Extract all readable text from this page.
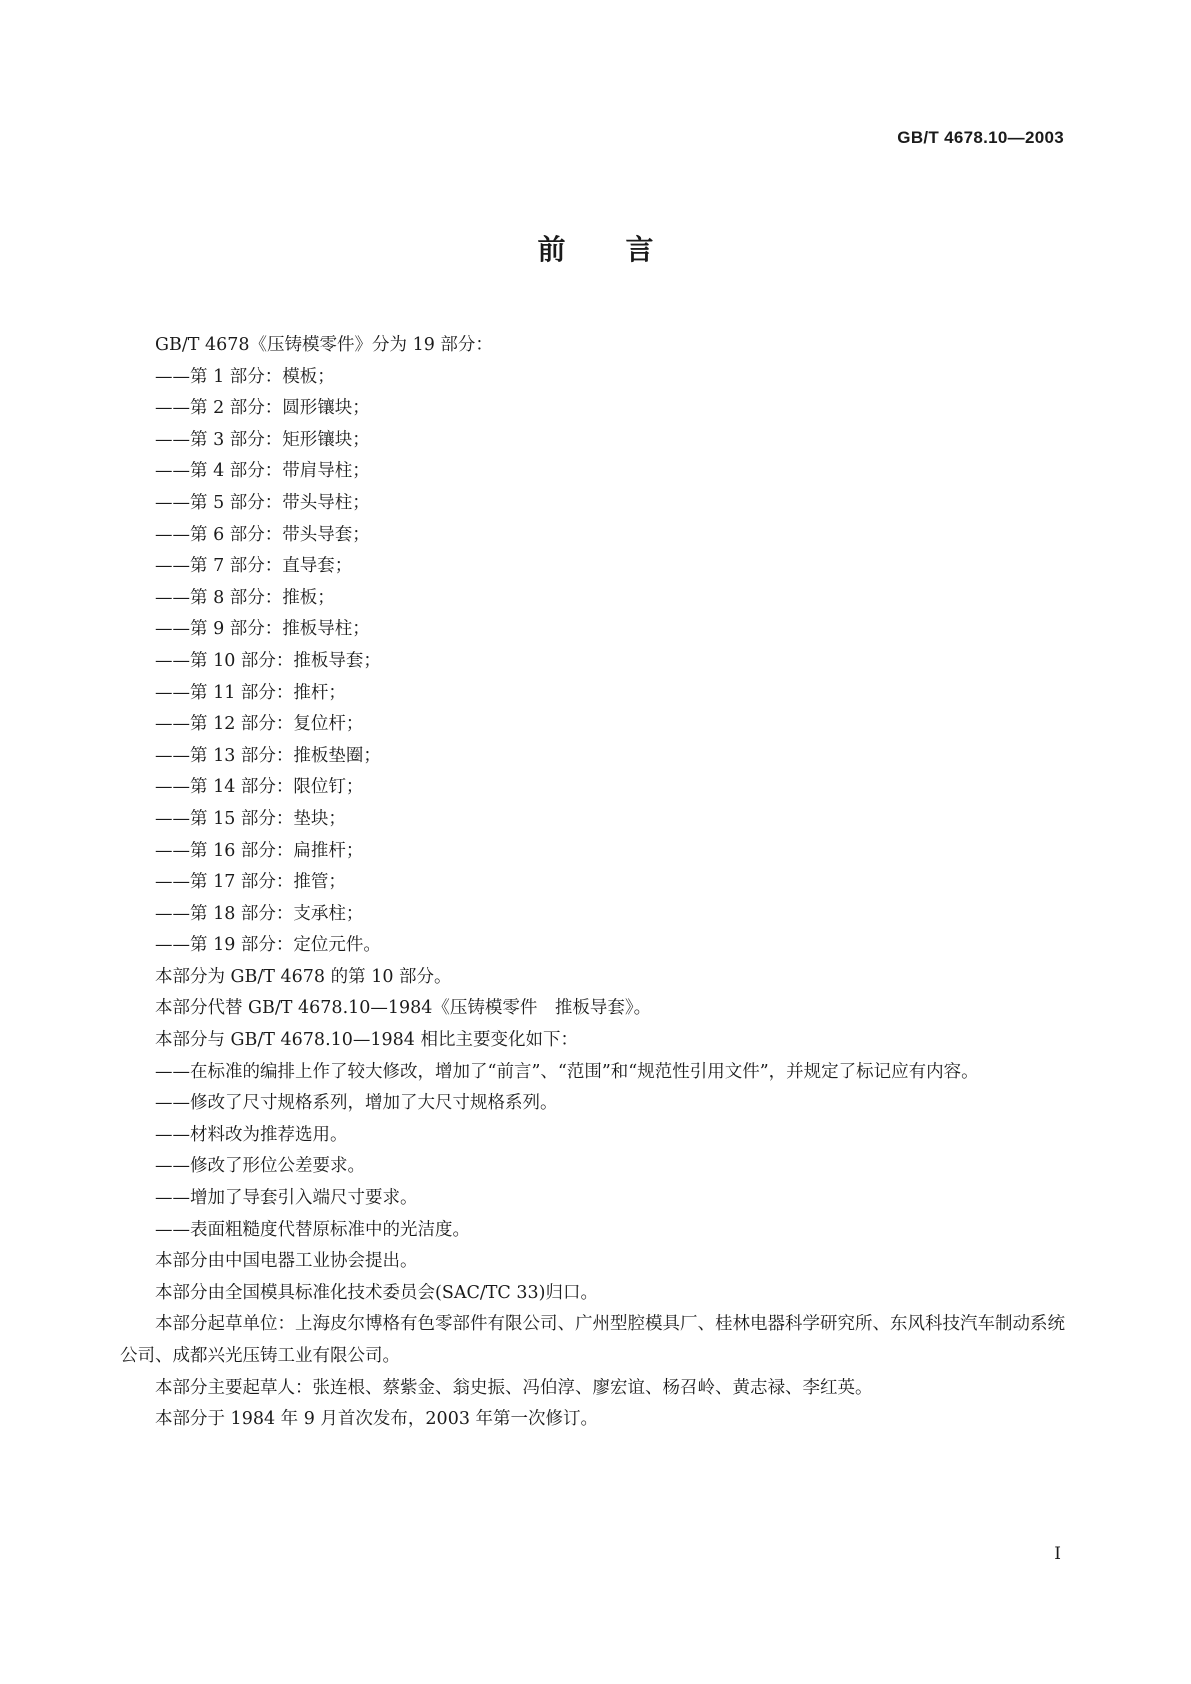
GB/T 4678.10—2003
前 言

GB/T 4678《压铸模零件》分为 19 部分：

——第 1 部分：模板；

——第 2 部分：圆形镶块；

——第 3 部分：矩形镶块；

——第 4 部分：带肩导柱；

——第 5 部分：带头导柱；

——第 6 部分：带头导套；

——第 7 部分：直导套；

——第 8 部分：推板；

——第 9 部分：推板导柱；

——第 10 部分：推板导套；

——第 11 部分：推杆；

——第 12 部分：复位杆；

——第 13 部分：推板垫圈；

——第 14 部分：限位钉；

——第 15 部分：垫块；

——第 16 部分：扁推杆；

——第 17 部分：推管；

——第 18 部分：支承柱；

——第 19 部分：定位元件。

本部分为 GB/T 4678 的第 10 部分。

本部分代替 GB/T 4678.10—1984《压铸模零件　推板导套》。

本部分与 GB/T 4678.10—1984 相比主要变化如下：

——在标准的编排上作了较大修改，增加了“前言”、“范围”和“规范性引用文件”，并规定了标记应有内容。

——修改了尺寸规格系列，增加了大尺寸规格系列。

——材料改为推荐选用。

——修改了形位公差要求。

——增加了导套引入端尺寸要求。

——表面粗糙度代替原标准中的光洁度。

本部分由中国电器工业协会提出。

本部分由全国模具标准化技术委员会(SAC/TC 33)归口。

本部分起草单位：上海皮尔博格有色零部件有限公司、广州型腔模具厂、桂林电器科学研究所、东风科技汽车制动系统公司、成都兴光压铸工业有限公司。

本部分主要起草人：张连根、蔡紫金、翁史振、冯伯淳、廖宏谊、杨召岭、黄志禄、李红英。

本部分于 1984 年 9 月首次发布，2003 年第一次修订。

I
